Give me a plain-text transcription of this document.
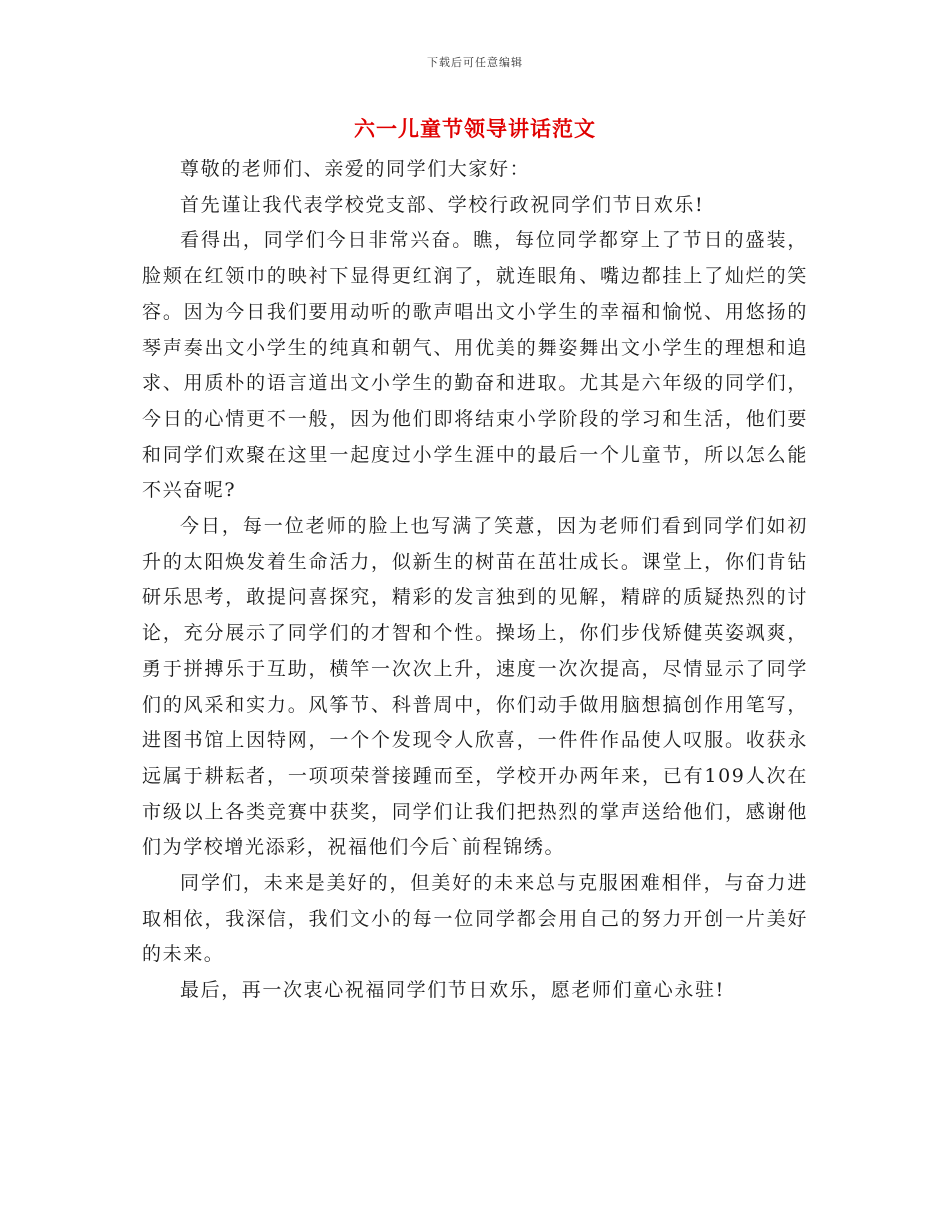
下载后可任意编辑
六一儿童节领导讲话范文

尊敬的老师们、亲爱的同学们大家好：

首先谨让我代表学校党支部、学校行政祝同学们节日欢乐!

看得出，同学们今日非常兴奋。瞧，每位同学都穿上了节日的盛装，脸颊在红领巾的映衬下显得更红润了，就连眼角、嘴边都挂上了灿烂的笑容。因为今日我们要用动听的歌声唱出文小学生的幸福和愉悦、用悠扬的琴声奏出文小学生的纯真和朝气、用优美的舞姿舞出文小学生的理想和追求、用质朴的语言道出文小学生的勤奋和进取。尤其是六年级的同学们，今日的心情更不一般，因为他们即将结束小学阶段的学习和生活，他们要和同学们欢聚在这里一起度过小学生涯中的最后一个儿童节，所以怎么能不兴奋呢?

今日，每一位老师的脸上也写满了笑薏，因为老师们看到同学们如初升的太阳焕发着生命活力，似新生的树苗在茁壮成长。课堂上，你们肯钻研乐思考，敢提问喜探究，精彩的发言独到的见解，精辟的质疑热烈的讨论，充分展示了同学们的才智和个性。操场上，你们步伐矫健英姿飒爽，勇于拼搏乐于互助，横竿一次次上升，速度一次次提高，尽情显示了同学们的风采和实力。风筝节、科普周中，你们动手做用脑想搞创作用笔写，进图书馆上因特网，一个个发现令人欣喜，一件件作品使人叹服。收获永远属于耕耘者，一项项荣誉接踵而至，学校开办两年来，已有109人次在市级以上各类竞赛中获奖，同学们让我们把热烈的掌声送给他们，感谢他们为学校增光添彩，祝福他们今后`前程锦绣。

同学们，未来是美好的，但美好的未来总与克服困难相伴，与奋力进取相依，我深信，我们文小的每一位同学都会用自己的努力开创一片美好的未来。

最后，再一次衷心祝福同学们节日欢乐，愿老师们童心永驻!
